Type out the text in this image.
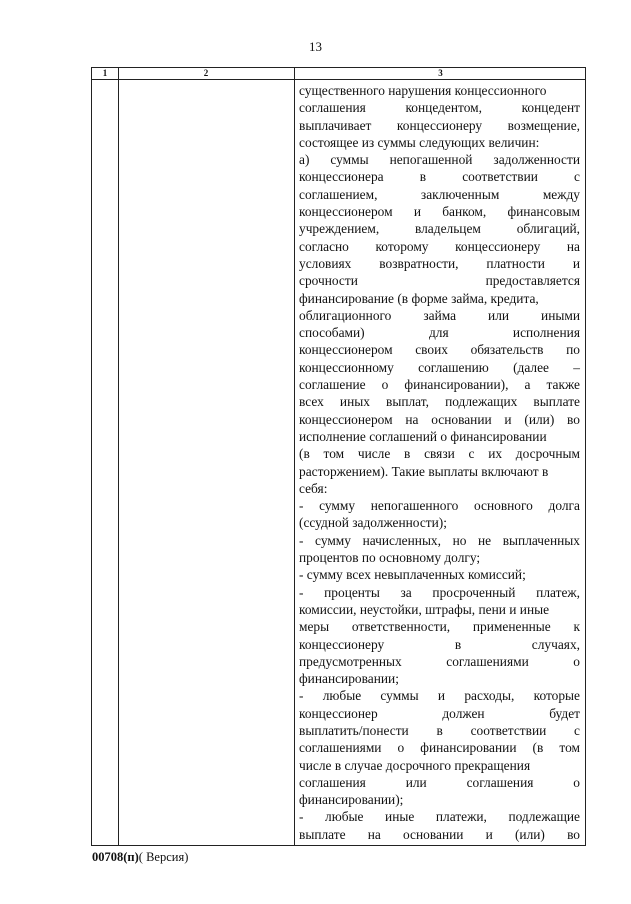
13
1	2	3
существенного нарушения концессионного
соглашения концедентом, концедент
выплачивает концессионеру возмещение,
состоящее из суммы следующих величин:
а) суммы непогашенной задолженности
концессионера в соответствии с
соглашением, заключенным между
концессионером и банком, финансовым
учреждением, владельцем облигаций,
согласно которому концессионеру на
условиях возвратности, платности и
срочности предоставляется
финансирование (в форме займа, кредита,
облигационного займа или иными
способами) для исполнения
концессионером своих обязательств по
концессионному соглашению (далее –
соглашение о финансировании), а также
всех иных выплат, подлежащих выплате
концессионером на основании и (или) во
исполнение соглашений о финансировании
(в том числе в связи с их досрочным
расторжением). Такие выплаты включают в
себя:
- сумму непогашенного основного долга
(ссудной задолженности);
- сумму начисленных, но не выплаченных
процентов по основному долгу;
- сумму всех невыплаченных комиссий;
- проценты за просроченный платеж,
комиссии, неустойки, штрафы, пени и иные
меры ответственности, примененные к
концессионеру в случаях,
предусмотренных соглашениями о
финансировании;
- любые суммы и расходы, которые
концессионер должен будет
выплатить/понести в соответствии с
соглашениями о финансировании (в том
числе в случае досрочного прекращения
соглашения или соглашения о
финансировании);
- любые иные платежи, подлежащие
выплате на основании и (или) во
00708(п)( Версия)
